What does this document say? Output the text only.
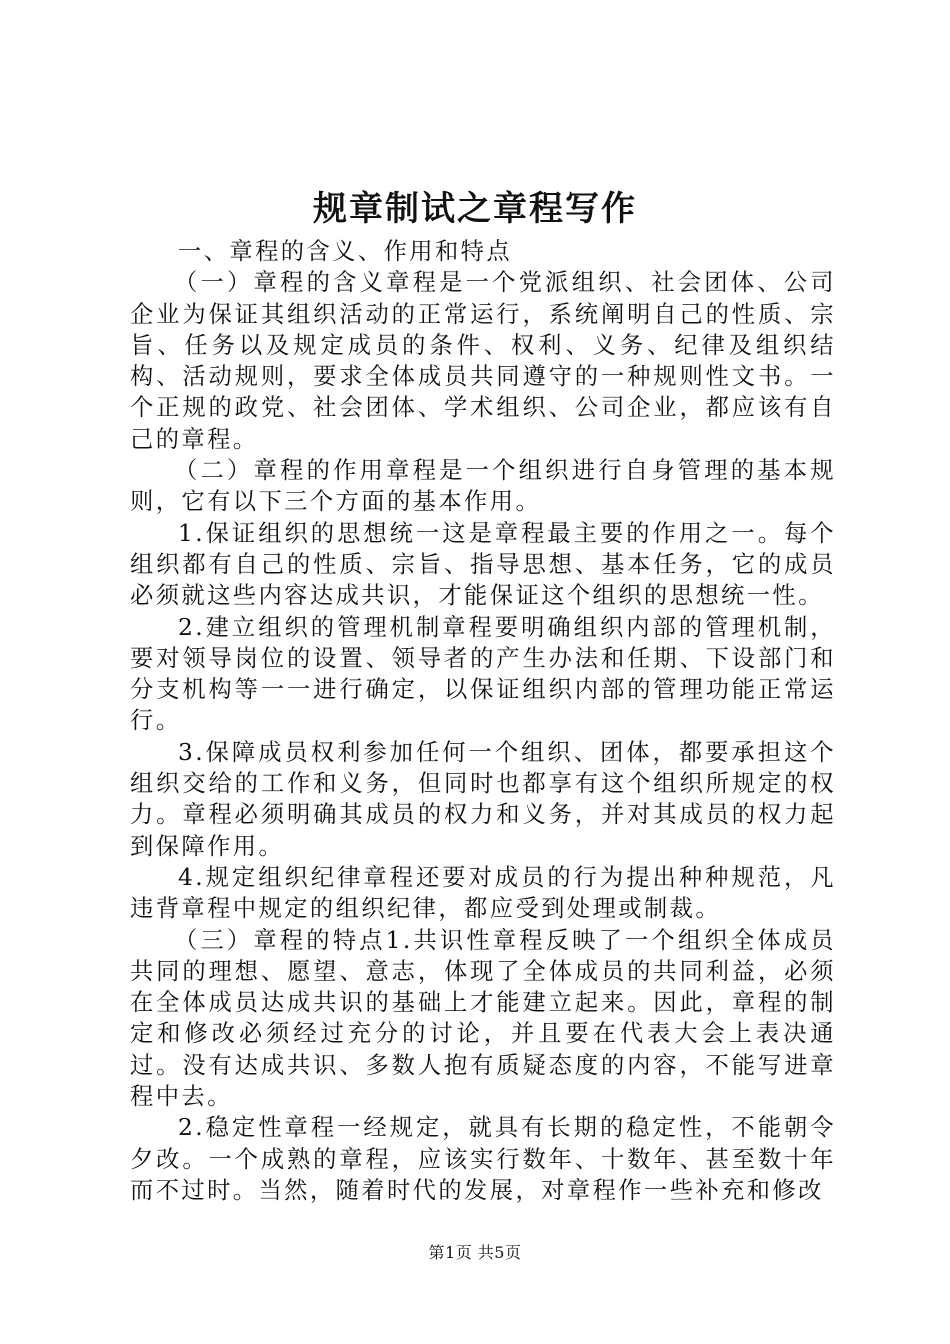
规章制试之章程写作

一、章程的含义、作用和特点

（一）章程的含义章程是一个党派组织、社会团体、公司企业为保证其组织活动的正常运行，系统阐明自己的性质、宗旨、任务以及规定成员的条件、权利、义务、纪律及组织结构、活动规则，要求全体成员共同遵守的一种规则性文书。一个正规的政党、社会团体、学术组织、公司企业，都应该有自己的章程。

（二）章程的作用章程是一个组织进行自身管理的基本规则，它有以下三个方面的基本作用。

1.保证组织的思想统一这是章程最主要的作用之一。每个组织都有自己的性质、宗旨、指导思想、基本任务，它的成员必须就这些内容达成共识，才能保证这个组织的思想统一性。

2.建立组织的管理机制章程要明确组织内部的管理机制，要对领导岗位的设置、领导者的产生办法和任期、下设部门和分支机构等一一进行确定，以保证组织内部的管理功能正常运行。

3.保障成员权利参加任何一个组织、团体，都要承担这个组织交给的工作和义务，但同时也都享有这个组织所规定的权力。章程必须明确其成员的权力和义务，并对其成员的权力起到保障作用。

4.规定组织纪律章程还要对成员的行为提出种种规范，凡违背章程中规定的组织纪律，都应受到处理或制裁。

（三）章程的特点1.共识性章程反映了一个组织全体成员共同的理想、愿望、意志，体现了全体成员的共同利益，必须在全体成员达成共识的基础上才能建立起来。因此，章程的制定和修改必须经过充分的讨论，并且要在代表大会上表决通过。没有达成共识、多数人抱有质疑态度的内容，不能写进章程中去。

2.稳定性章程一经规定，就具有长期的稳定性，不能朝令夕改。一个成熟的章程，应该实行数年、十数年、甚至数十年而不过时。当然，随着时代的发展，对章程作一些补充和修改

第1页 共5页
